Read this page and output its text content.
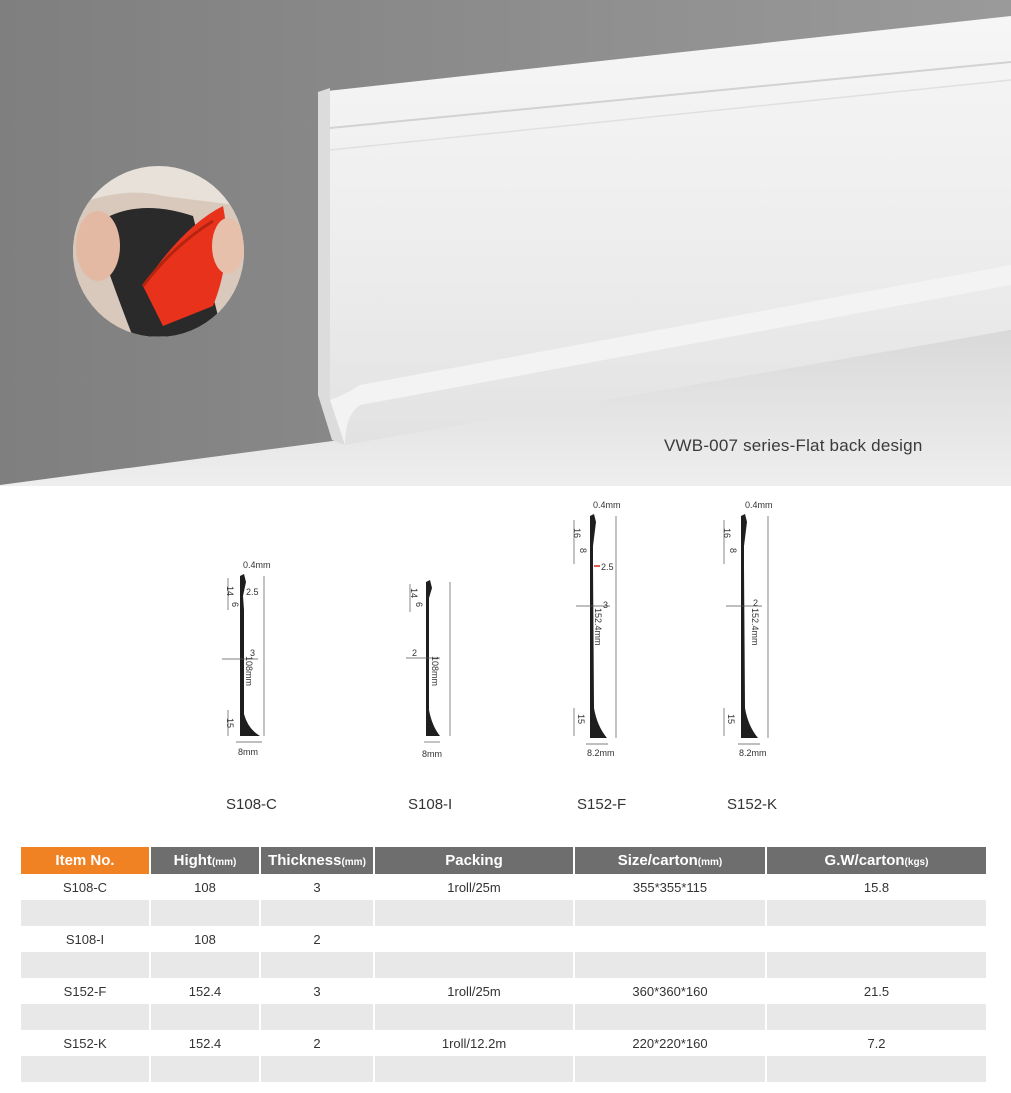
VWB-007 series-Flat back design
0.4mm
2.5
3
108mm
14
6
15
8mm
2
108mm
14
6
8mm
0.4mm
2.5
3
152.4mm
16
8
15
8.2mm
0.4mm
2
152.4mm
16
8
15
8.2mm
S108-C	S108-I	S152-F	S152-K
Item No.	Hight(mm)	Thickness(mm)	Packing	Size/carton(mm)	G.W/carton(kgs)
S108-C	108	3	1roll/25m	355*355*115	15.8

S108-I	108	2			

S152-F	152.4	3	1roll/25m	360*360*160	21.5

S152-K	152.4	2	1roll/12.2m	220*220*160	7.2
